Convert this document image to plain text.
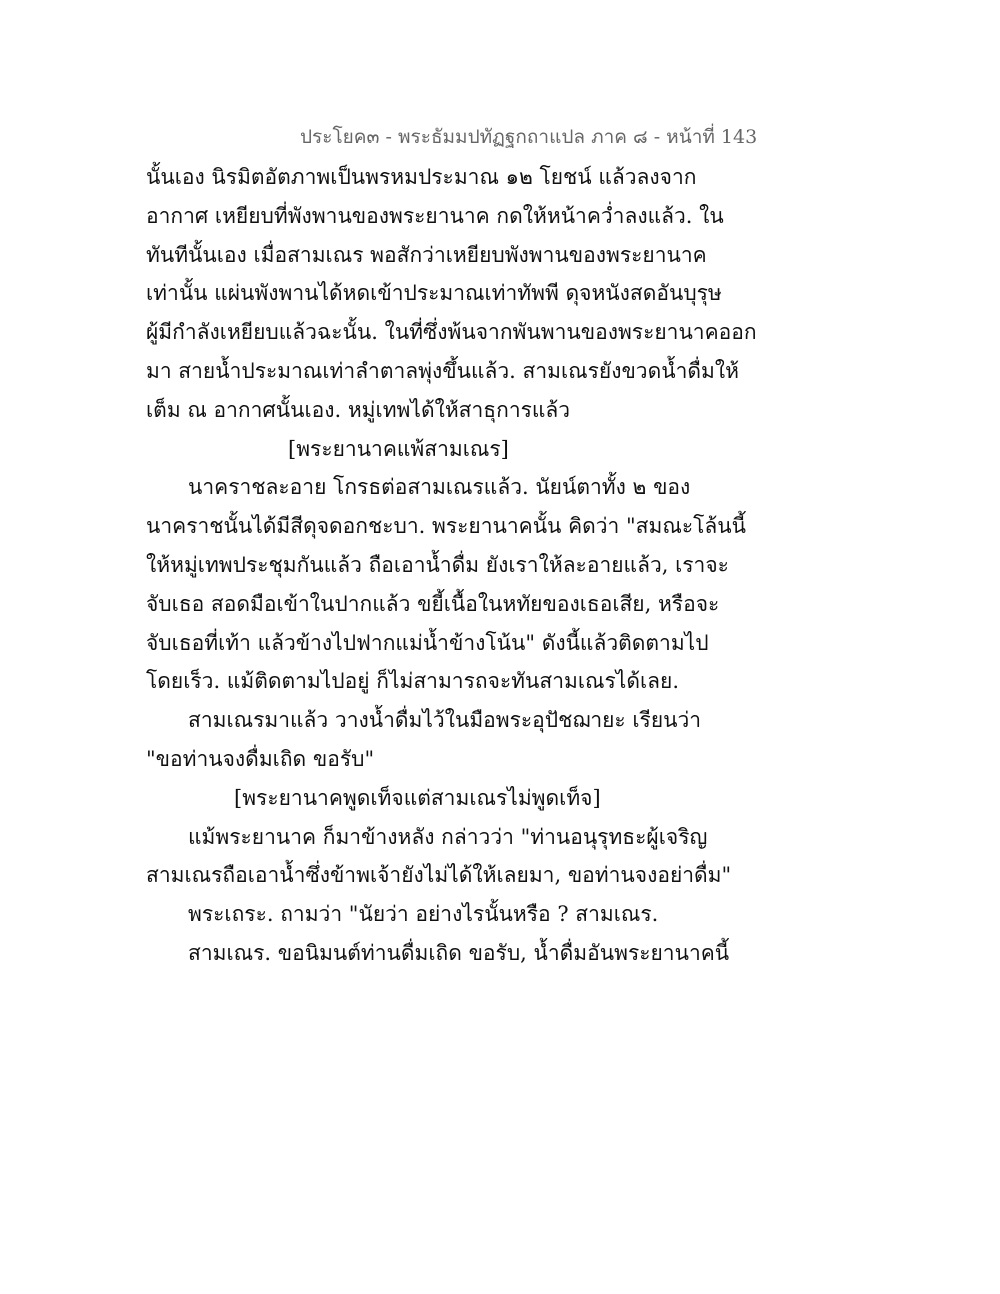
ประโยค๓ - พระธัมมปทัฏฐกถาแปล ภาค ๘ - หน้าที่ 143
นั้นเอง นิรมิตอัตภาพเป็นพรหมประมาณ ๑๒ โยชน์ แล้วลงจาก
อากาศ เหยียบที่พังพานของพระยานาค กดให้หน้าคว่ำลงแล้ว. ใน
ทันทีนั้นเอง เมื่อสามเณร พอสักว่าเหยียบพังพานของพระยานาค
เท่านั้น แผ่นพังพานได้หดเข้าประมาณเท่าทัพพี ดุจหนังสดอันบุรุษ
ผู้มีกำลังเหยียบแล้วฉะนั้น. ในที่ซึ่งพ้นจากพันพานของพระยานาคออก
มา สายน้ำประมาณเท่าลำตาลพุ่งขึ้นแล้ว. สามเณรยังขวดน้ำดื่มให้
เต็ม ณ อากาศนั้นเอง. หมู่เทพได้ให้สาธุการแล้ว
[พระยานาคแพ้สามเณร]
นาคราชละอาย โกรธต่อสามเณรแล้ว. นัยน์ตาทั้ง ๒ ของ
นาคราชนั้นได้มีสีดุจดอกชะบา. พระยานาคนั้น คิดว่า "สมณะโล้นนี้
ให้หมู่เทพประชุมกันแล้ว ถือเอาน้ำดื่ม ยังเราให้ละอายแล้ว, เราจะ
จับเธอ สอดมือเข้าในปากแล้ว ขยี้เนื้อในหทัยของเธอเสีย, หรือจะ
จับเธอที่เท้า แล้วข้างไปฟากแม่น้ำข้างโน้น" ดังนี้แล้วติดตามไป
โดยเร็ว. แม้ติดตามไปอยู่ ก็ไม่สามารถจะทันสามเณรได้เลย.
สามเณรมาแล้ว วางน้ำดื่มไว้ในมือพระอุปัชฌายะ เรียนว่า
"ขอท่านจงดื่มเถิด ขอรับ"
[พระยานาคพูดเท็จแต่สามเณรไม่พูดเท็จ]
แม้พระยานาค ก็มาข้างหลัง กล่าวว่า "ท่านอนุรุทธะผู้เจริญ
สามเณรถือเอาน้ำซึ่งข้าพเจ้ายังไม่ได้ให้เลยมา, ขอท่านจงอย่าดื่ม"
พระเถระ. ถามว่า "นัยว่า อย่างไรนั้นหรือ ? สามเณร.
สามเณร. ขอนิมนต์ท่านดื่มเถิด ขอรับ, น้ำดื่มอันพระยานาคนี้
